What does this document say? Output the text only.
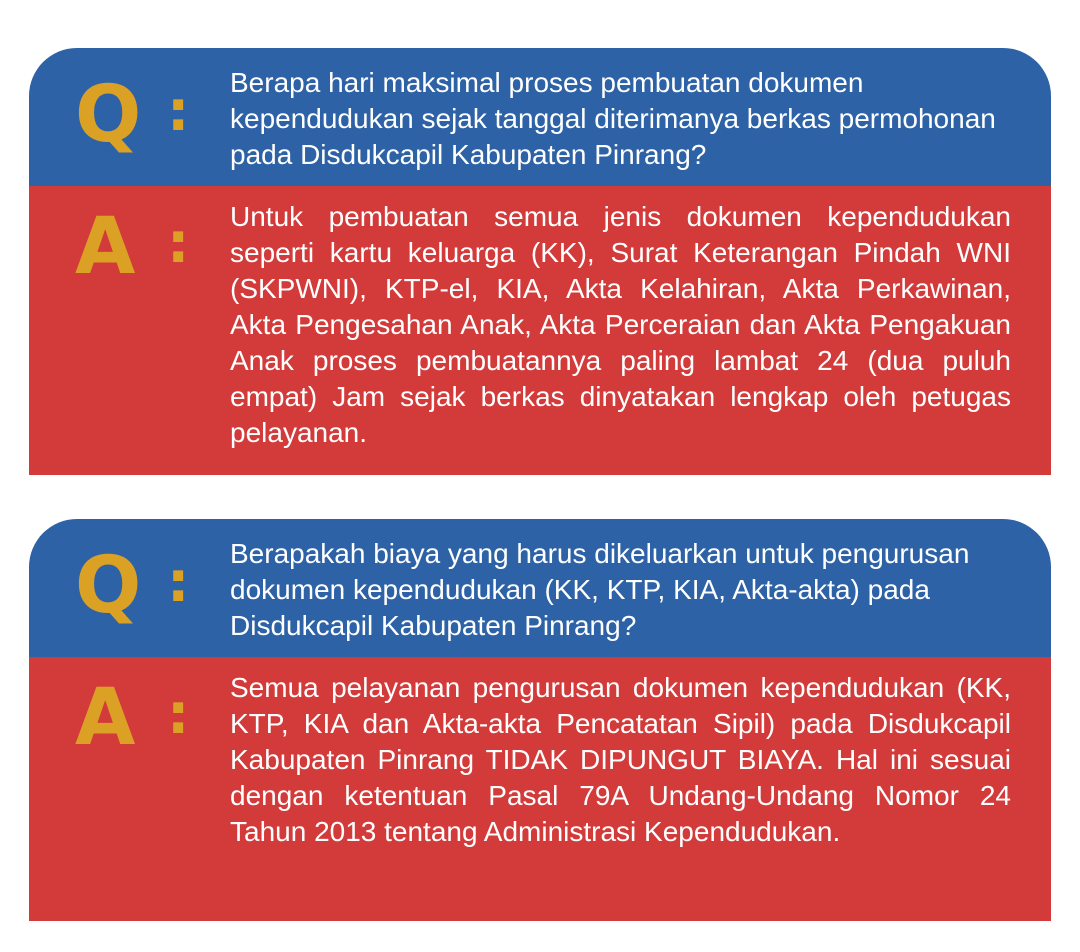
Q : Berapa hari maksimal proses pembuatan dokumen kependudukan sejak tanggal diterimanya berkas permohonan pada Disdukcapil Kabupaten Pinrang?

A : Untuk pembuatan semua jenis dokumen kependudukan seperti kartu keluarga (KK), Surat Keterangan Pindah WNI (SKPWNI), KTP-el, KIA, Akta Kelahiran, Akta Perkawinan, Akta Pengesahan Anak, Akta Perceraian dan Akta Pengakuan Anak proses pembuatannya paling lambat 24 (dua puluh empat) Jam sejak berkas dinyatakan lengkap oleh petugas pelayanan.

Q : Berapakah biaya yang harus dikeluarkan untuk pengurusan dokumen kependudukan (KK, KTP, KIA, Akta-akta) pada Disdukcapil Kabupaten Pinrang?

A : Semua pelayanan pengurusan dokumen kependudukan (KK, KTP, KIA dan Akta-akta Pencatatan Sipil) pada Disdukcapil Kabupaten Pinrang TIDAK DIPUNGUT BIAYA. Hal ini sesuai dengan ketentuan Pasal 79A Undang-Undang Nomor 24 Tahun 2013 tentang Administrasi Kependudukan.
